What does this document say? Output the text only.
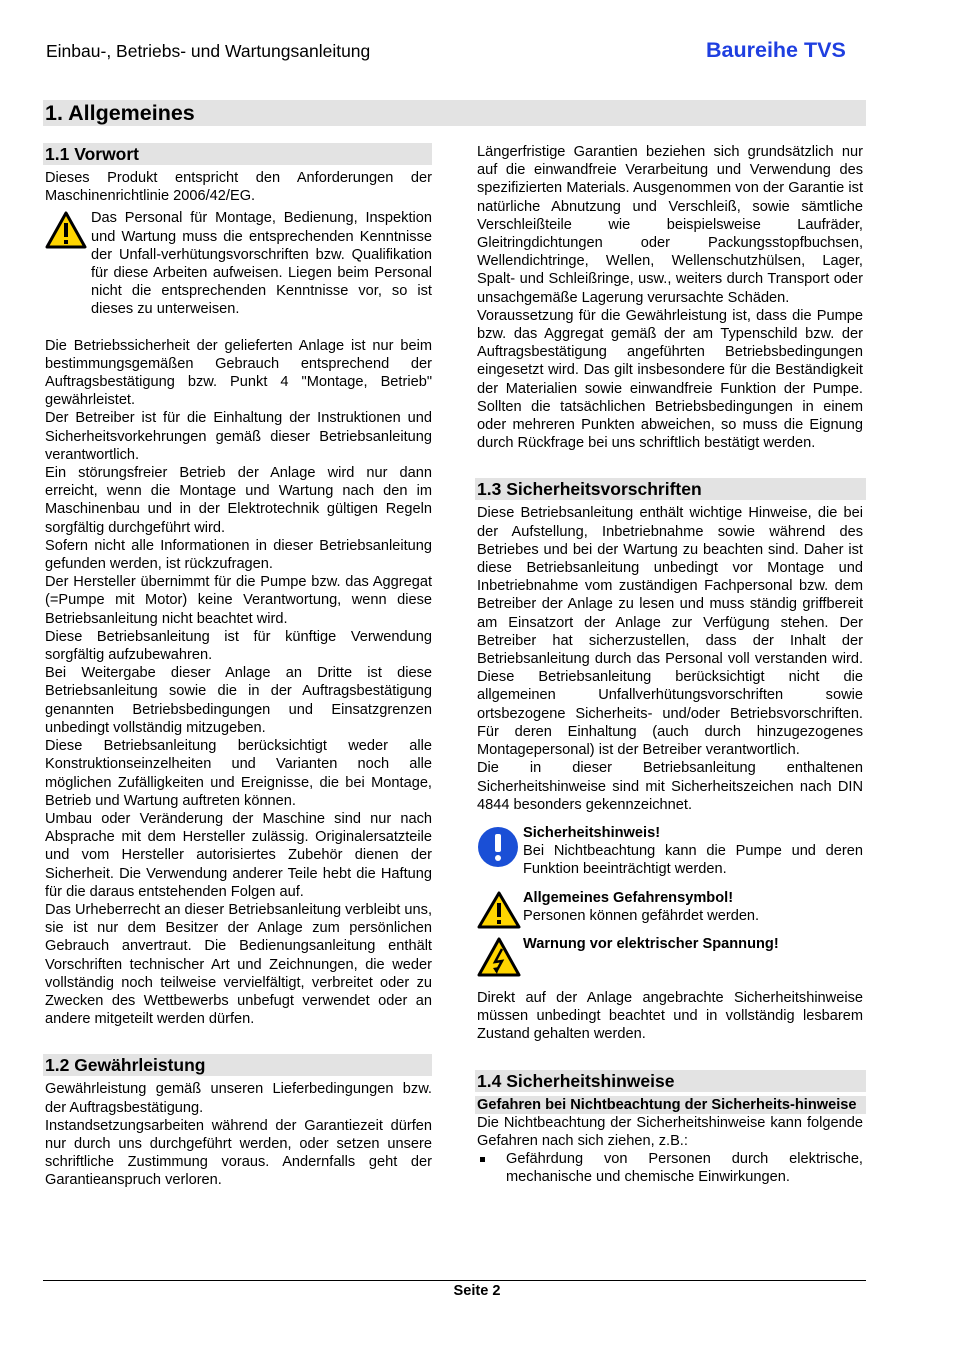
Einbau-, Betriebs- und Wartungsanleitung	Baureihe TVS
1. Allgemeines
1.1 Vorwort

Dieses Produkt entspricht den Anforderungen der Maschinenrichtlinie 2006/42/EG.

Das Personal für Montage, Bedienung, Inspektion und Wartung muss die entsprechenden Kenntnisse der Unfall-verhütungsvorschriften bzw. Qualifikation für diese Arbeiten aufweisen. Liegen beim Personal nicht die entsprechenden Kenntnisse vor, so ist dieses zu unterweisen.

Die Betriebssicherheit der gelieferten Anlage ist nur beim bestimmungsgemäßen Gebrauch entsprechend der Auftragsbestätigung bzw. Punkt 4 "Montage, Betrieb" gewährleistet.

Der Betreiber ist für die Einhaltung der Instruktionen und Sicherheitsvorkehrungen gemäß dieser Betriebsanleitung verantwortlich.

Ein störungsfreier Betrieb der Anlage wird nur dann erreicht, wenn die Montage und Wartung nach den im Maschinenbau und in der Elektrotechnik gültigen Regeln sorgfältig durchgeführt wird.

Sofern nicht alle Informationen in dieser Betriebsanleitung gefunden werden, ist rückzufragen.

Der Hersteller übernimmt für die Pumpe bzw. das Aggregat (=Pumpe mit Motor) keine Verantwortung, wenn diese Betriebsanleitung nicht beachtet wird.

Diese Betriebsanleitung ist für künftige Verwendung sorgfältig aufzubewahren.

Bei Weitergabe dieser Anlage an Dritte ist diese Betriebsanleitung sowie die in der Auftragsbestätigung genannten Betriebsbedingungen und Einsatzgrenzen unbedingt vollständig mitzugeben.

Diese Betriebsanleitung berücksichtigt weder alle Konstruktionseinzelheiten und Varianten noch alle möglichen Zufälligkeiten und Ereignisse, die bei Montage, Betrieb und Wartung auftreten können.

Umbau oder Veränderung der Maschine sind nur nach Absprache mit dem Hersteller zulässig. Originalersatzteile und vom Hersteller autorisiertes Zubehör dienen der Sicherheit. Die Verwendung anderer Teile hebt die Haftung für die daraus entstehenden Folgen auf.

Das Urheberrecht an dieser Betriebsanleitung verbleibt uns, sie ist nur dem Besitzer der Anlage zum persönlichen Gebrauch anvertraut. Die Bedienungsanleitung enthält Vorschriften technischer Art und Zeichnungen, die weder vollständig noch teilweise vervielfältigt, verbreitet oder zu Zwecken des Wettbewerbs unbefugt verwendet oder an andere mitgeteilt werden dürfen.

1.2 Gewährleistung

Gewährleistung gemäß unseren Lieferbedingungen bzw. der Auftragsbestätigung.

Instandsetzungsarbeiten während der Garantiezeit dürfen nur durch uns durchgeführt werden, oder setzen unsere schriftliche Zustimmung voraus. Andernfalls geht der Garantieanspruch verloren.

Längerfristige Garantien beziehen sich grundsätzlich nur auf die einwandfreie Verarbeitung und Verwendung des spezifizierten Materials. Ausgenommen von der Garantie ist natürliche Abnutzung und Verschleiß, sowie sämtliche Verschleißteile wie beispielsweise Laufräder, Gleitringdichtungen oder Packungsstopfbuchsen, Wellendichtringe, Wellen, Wellenschutzhülsen, Lager, Spalt- und Schleißringe, usw., weiters durch Transport oder unsachgemäße Lagerung verursachte Schäden.

Voraussetzung für die Gewährleistung ist, dass die Pumpe bzw. das Aggregat gemäß der am Typenschild bzw. der Auftragsbestätigung angeführten Betriebsbedingungen eingesetzt wird. Das gilt insbesondere für die Beständigkeit der Materialien sowie einwandfreie Funktion der Pumpe. Sollten die tatsächlichen Betriebsbedingungen in einem oder mehreren Punkten abweichen, so muss die Eignung durch Rückfrage bei uns schriftlich bestätigt werden.

1.3 Sicherheitsvorschriften

Diese Betriebsanleitung enthält wichtige Hinweise, die bei der Aufstellung, Inbetriebnahme sowie während des Betriebes und bei der Wartung zu beachten sind. Daher ist diese Betriebsanleitung unbedingt vor Montage und Inbetriebnahme vom zuständigen Fachpersonal bzw. dem Betreiber der Anlage zu lesen und muss ständig griffbereit am Einsatzort der Anlage zur Verfügung stehen. Der Betreiber hat sicherzustellen, dass der Inhalt der Betriebsanleitung durch das Personal voll verstanden wird. Diese Betriebsanleitung berücksichtigt nicht die allgemeinen Unfallverhütungsvorschriften sowie ortsbezogene Sicherheits- und/oder Betriebsvorschriften. Für deren Einhaltung (auch durch hinzugezogenes Montagepersonal) ist der Betreiber verantwortlich.

Die in dieser Betriebsanleitung enthaltenen Sicherheitshinweise sind mit Sicherheitszeichen nach DIN 4844 besonders gekennzeichnet.

Sicherheitshinweis!

Bei Nichtbeachtung kann die Pumpe und deren Funktion beeinträchtigt werden.

Allgemeines Gefahrensymbol!

Personen können gefährdet werden.

Warnung vor elektrischer Spannung!

Direkt auf der Anlage angebrachte Sicherheitshinweise müssen unbedingt beachtet und in vollständig lesbarem Zustand gehalten werden.

1.4 Sicherheitshinweise
Gefahren bei Nichtbeachtung der Sicherheits-hinweise

Die Nichtbeachtung der Sicherheitshinweise kann folgende Gefahren nach sich ziehen, z.B.:

Gefährdung von Personen durch elektrische, mechanische und chemische Einwirkungen.
Seite 2
